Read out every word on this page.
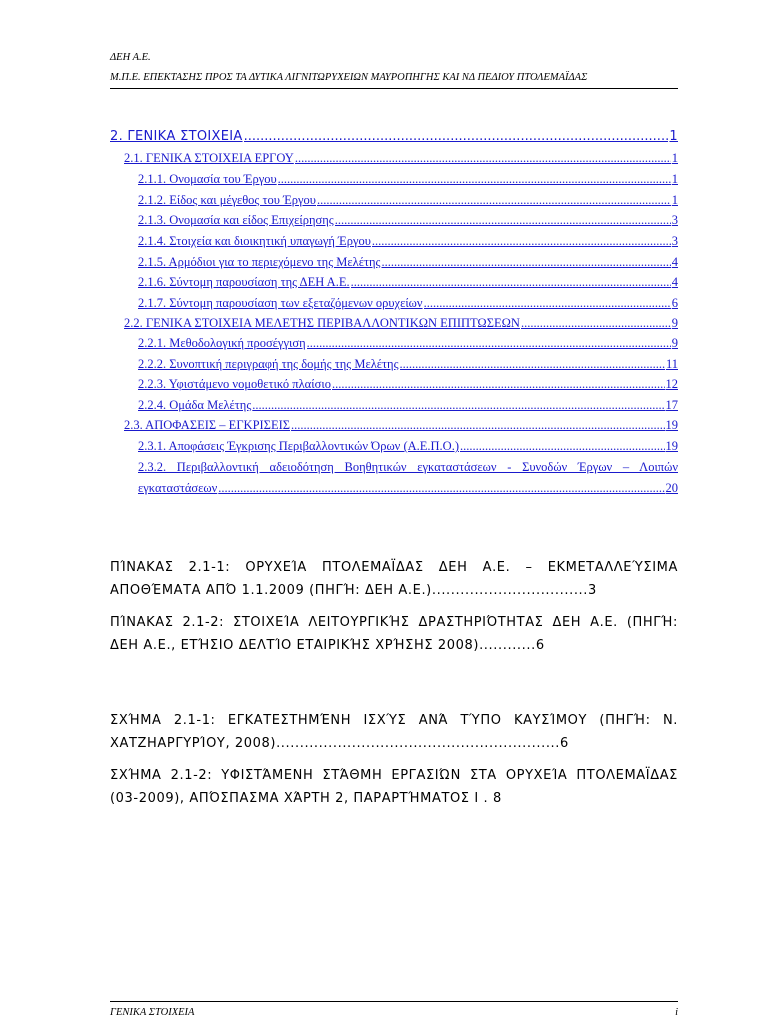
ΔΕΗ Α.Ε.
Μ.Π.Ε. ΕΠΕΚΤΑΣΗΣ ΠΡΟΣ ΤΑ ΔΥΤΙΚΑ ΛΙΓΝΙΤΩΡΥΧΕΙΩΝ ΜΑΥΡΟΠΗΓΗΣ ΚΑΙ ΝΔ ΠΕΔΙΟΥ ΠΤΟΛΕΜΑΪΔΑΣ
2. ΓΕΝΙΚΑ ΣΤΟΙΧΕΙΑ .....	1
2.1. ΓΕΝΙΚΑ ΣΤΟΙΧΕΙΑ ΕΡΓΟΥ .....	1
2.1.1. Ονομασία του Έργου .....	1
2.1.2. Είδος και μέγεθος του Έργου .....	1
2.1.3. Ονομασία και είδος Επιχείρησης .....	3
2.1.4. Στοιχεία και διοικητική υπαγωγή Έργου .....	3
2.1.5. Αρμόδιοι για το περιεχόμενο της Μελέτης .....	4
2.1.6. Σύντομη παρουσίαση της ΔΕΗ Α.Ε. .....	4
2.1.7. Σύντομη παρουσίαση των εξεταζόμενων ορυχείων .....	6
2.2. ΓΕΝΙΚΑ ΣΤΟΙΧΕΙΑ ΜΕΛΕΤΗΣ ΠΕΡΙΒΑΛΛΟΝΤΙΚΩΝ ΕΠΙΠΤΩΣΕΩΝ .....	9
2.2.1. Μεθοδολογική προσέγγιση .....	9
2.2.2. Συνοπτική περιγραφή της δομής της Μελέτης .....	11
2.2.3. Υφιστάμενο νομοθετικό πλαίσιο .....	12
2.2.4. Ομάδα Μελέτης .....	17
2.3. ΑΠΟΦΑΣΕΙΣ – ΕΓΚΡΙΣΕΙΣ .....	19
2.3.1. Αποφάσεις Έγκρισης Περιβαλλοντικών Όρων (Α.Ε.Π.Ο.) .....	19
2.3.2. Περιβαλλοντική αδειοδότηση Βοηθητικών εγκαταστάσεων - Συνοδών Έργων – Λοιπών
εγκαταστάσεων .....	20
ΠΊΝΑΚΑΣ 2.1-1: ΟΡΥΧΕΊΑ ΠΤΟΛΕΜΑΪΔΑΣ ΔΕΗ Α.Ε. – ΕΚΜΕΤΑΛΛΕΎΣΙΜΑ ΑΠΟΘΈΜΑΤΑ ΑΠΌ 1.1.2009 (ΠΗΓΉ: ΔΕΗ Α.Ε.).................................3
ΠΊΝΑΚΑΣ 2.1-2: ΣΤΟΙΧΕΊΑ ΛΕΙΤΟΥΡΓΙΚΉΣ ΔΡΑΣΤΗΡΙΌΤΗΤΑΣ ΔΕΗ Α.Ε. (ΠΗΓΉ: ΔΕΗ Α.Ε., ΕΤΉΣΙΟ ΔΕΛΤΊΟ ΕΤΑΙΡΙΚΉΣ ΧΡΉΣΗΣ 2008)............6
ΣΧΉΜΑ 2.1-1: ΕΓΚΑΤΕΣΤΗΜΈΝΗ ΙΣΧΎΣ ΑΝΆ ΤΎΠΟ ΚΑΥΣΊΜΟΥ (ΠΗΓΉ: Ν. ΧΑΤΖΗΑΡΓΥΡΊΟΥ, 2008)............................................................6
ΣΧΉΜΑ 2.1-2: ΥΦΙΣΤΆΜΕΝΗ ΣΤΆΘΜΗ ΕΡΓΑΣΙΏΝ ΣΤΑ ΟΡΥΧΕΊΑ ΠΤΟΛΕΜΑΪΔΑΣ (03-2009), ΑΠΌΣΠΑΣΜΑ ΧΆΡΤΗ 2, ΠΑΡΑΡΤΉΜΑΤΟΣ Ι . 8
ΓΕΝΙΚΑ ΣΤΟΙΧΕΙΑ	i
